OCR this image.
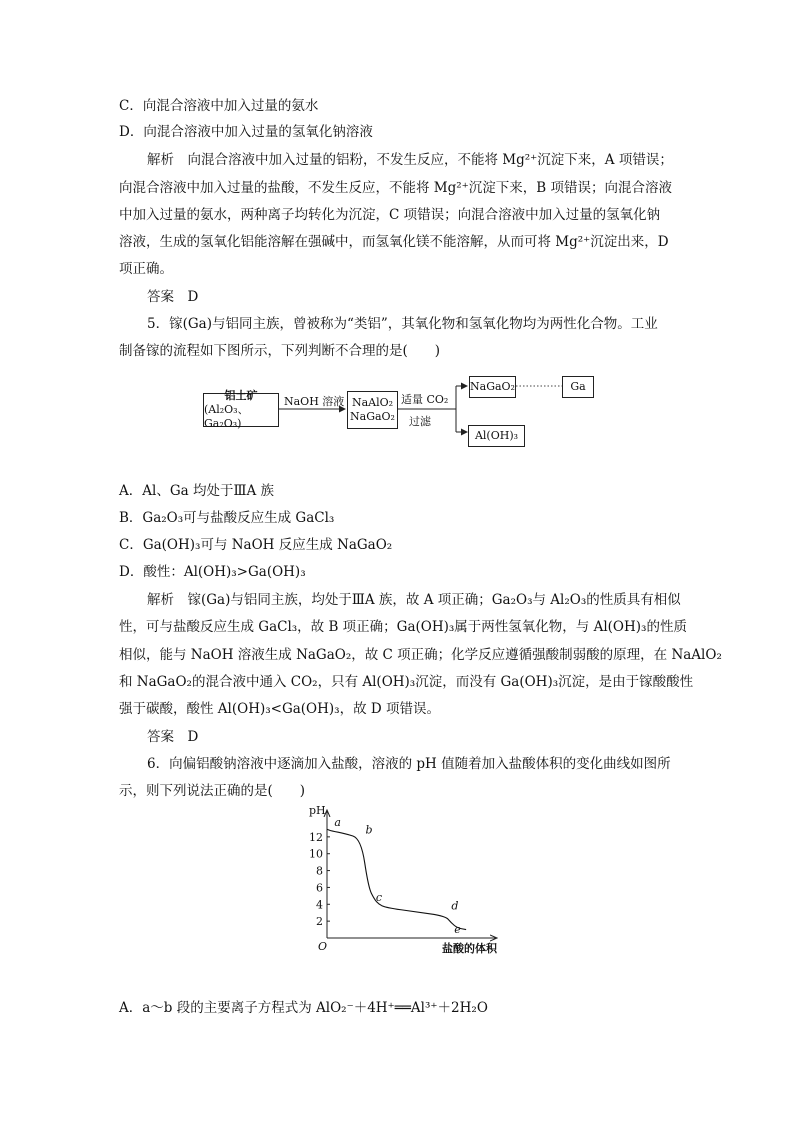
C．向混合溶液中加入过量的氨水
D．向混合溶液中加入过量的氢氧化钠溶液
解析　向混合溶液中加入过量的铝粉，不发生反应，不能将 Mg²⁺沉淀下来，A 项错误；
向混合溶液中加入过量的盐酸，不发生反应，不能将 Mg²⁺沉淀下来，B 项错误；向混合溶液
中加入过量的氨水，两种离子均转化为沉淀，C 项错误；向混合溶液中加入过量的氢氧化钠
溶液，生成的氢氧化铝能溶解在强碱中，而氢氧化镁不能溶解，从而可将 Mg²⁺沉淀出来，D
项正确。
答案　D
5．镓(Ga)与铝同主族，曾被称为“类铝”，其氧化物和氢氧化物均为两性化合物。工业
制备镓的流程如下图所示，下列判断不合理的是(　　)
铝土矿
(Al₂O₃、Ga₂O₃)
NaOH 溶液 NaAlO₂
NaGaO₂
适量 CO₂
过滤
NaGaO₂	Ga
Al(OH)₃
A．Al、Ga 均处于ⅢA 族
B．Ga₂O₃可与盐酸反应生成 GaCl₃
C．Ga(OH)₃可与 NaOH 反应生成 NaGaO₂
D．酸性：Al(OH)₃>Ga(OH)₃
解析　镓(Ga)与铝同主族，均处于ⅢA 族，故 A 项正确；Ga₂O₃与 Al₂O₃的性质具有相似
性，可与盐酸反应生成 GaCl₃，故 B 项正确；Ga(OH)₃属于两性氢氧化物，与 Al(OH)₃的性质
相似，能与 NaOH 溶液生成 NaGaO₂，故 C 项正确；化学反应遵循强酸制弱酸的原理，在 NaAlO₂
和 NaGaO₂的混合液中通入 CO₂，只有 Al(OH)₃沉淀，而没有 Ga(OH)₃沉淀，是由于镓酸酸性
强于碳酸，酸性 Al(OH)₃<Ga(OH)₃，故 D 项错误。
答案　D
6．向偏铝酸钠溶液中逐滴加入盐酸，溶液的 pH 值随着加入盐酸体积的变化曲线如图所
示，则下列说法正确的是(　　)
pH
盐酸的体积
O
2
4
6
8
10
12
a
b
c
d
e
A．a～b 段的主要离子方程式为 AlO₂⁻＋4H⁺══Al³⁺＋2H₂O
